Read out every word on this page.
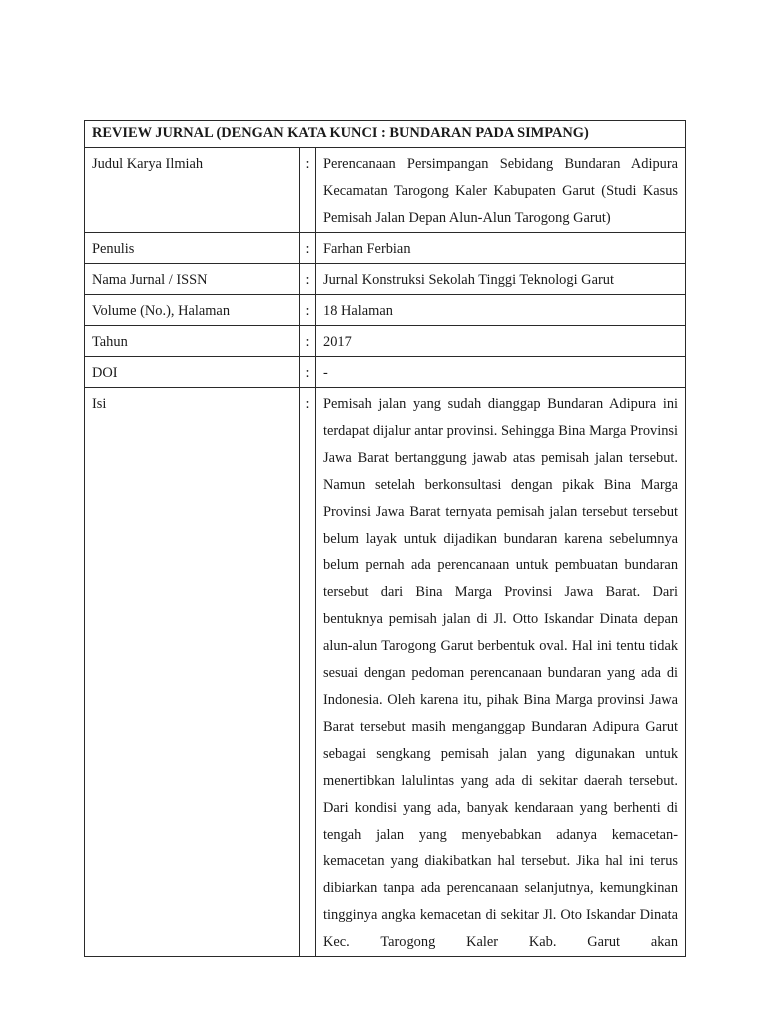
REVIEW JURNAL (DENGAN KATA KUNCI : BUNDARAN PADA SIMPANG)		
Judul Karya Ilmiah	:	Perencanaan Persimpangan Sebidang Bundaran Adipura Kecamatan Tarogong Kaler Kabupaten Garut (Studi Kasus Pemisah Jalan Depan Alun-Alun Tarogong Garut)
Penulis	:	Farhan Ferbian
Nama Jurnal / ISSN	:	Jurnal Konstruksi Sekolah Tinggi Teknologi Garut
Volume (No.), Halaman	:	18 Halaman
Tahun	:	2017
DOI	:	-
Isi	:	Pemisah jalan yang sudah dianggap Bundaran Adipura ini terdapat dijalur antar provinsi. Sehingga Bina Marga Provinsi Jawa Barat bertanggung jawab atas pemisah jalan tersebut. Namun setelah berkonsultasi dengan pikak Bina Marga Provinsi Jawa Barat ternyata pemisah jalan tersebut tersebut belum layak untuk dijadikan bundaran karena sebelumnya belum pernah ada perencanaan untuk pembuatan bundaran tersebut dari Bina Marga Provinsi Jawa Barat. Dari bentuknya pemisah jalan di Jl. Otto Iskandar Dinata depan alun-alun Tarogong Garut berbentuk oval. Hal ini tentu tidak sesuai dengan pedoman perencanaan bundaran yang ada di Indonesia. Oleh karena itu, pihak Bina Marga provinsi Jawa Barat tersebut masih menganggap Bundaran Adipura Garut sebagai sengkang pemisah jalan yang digunakan untuk menertibkan lalulintas yang ada di sekitar daerah tersebut. Dari kondisi yang ada, banyak kendaraan yang berhenti di tengah jalan yang menyebabkan adanya kemacetan-kemacetan yang diakibatkan hal tersebut. Jika hal ini terus dibiarkan tanpa ada perencanaan selanjutnya, kemungkinan tingginya angka kemacetan di sekitar Jl. Oto Iskandar Dinata Kec. Tarogong Kaler Kab. Garut akan
